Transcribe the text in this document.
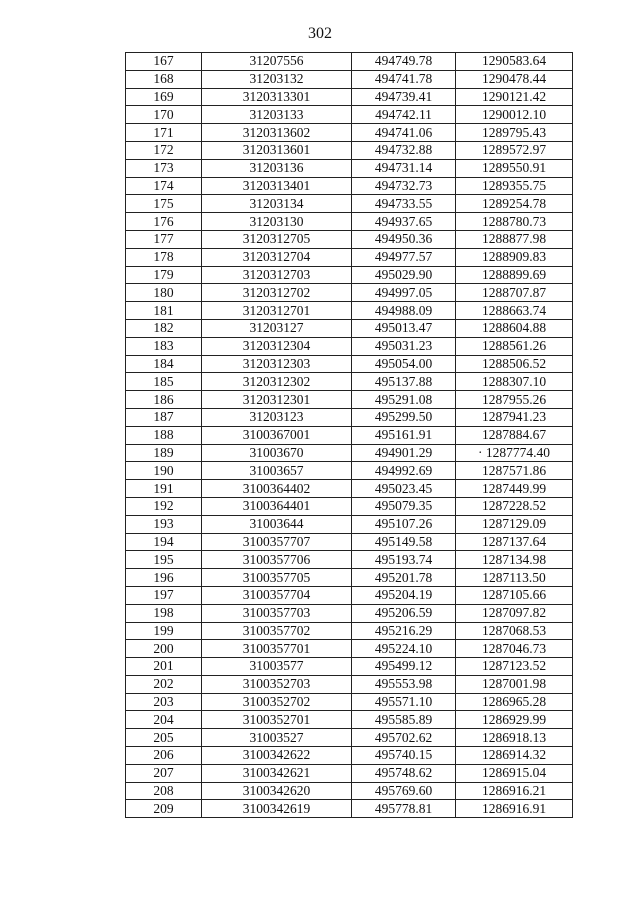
302
167	31207556	494749.78	1290583.64
168	31203132	494741.78	1290478.44
169	3120313301	494739.41	1290121.42
170	31203133	494742.11	1290012.10
171	3120313602	494741.06	1289795.43
172	3120313601	494732.88	1289572.97
173	31203136	494731.14	1289550.91
174	3120313401	494732.73	1289355.75
175	31203134	494733.55	1289254.78
176	31203130	494937.65	1288780.73
177	3120312705	494950.36	1288877.98
178	3120312704	494977.57	1288909.83
179	3120312703	495029.90	1288899.69
180	3120312702	494997.05	1288707.87
181	3120312701	494988.09	1288663.74
182	31203127	495013.47	1288604.88
183	3120312304	495031.23	1288561.26
184	3120312303	495054.00	1288506.52
185	3120312302	495137.88	1288307.10
186	3120312301	495291.08	1287955.26
187	31203123	495299.50	1287941.23
188	3100367001	495161.91	1287884.67
189	31003670	494901.29	· 1287774.40
190	31003657	494992.69	1287571.86
191	3100364402	495023.45	1287449.99
192	3100364401	495079.35	1287228.52
193	31003644	495107.26	1287129.09
194	3100357707	495149.58	1287137.64
195	3100357706	495193.74	1287134.98
196	3100357705	495201.78	1287113.50
197	3100357704	495204.19	1287105.66
198	3100357703	495206.59	1287097.82
199	3100357702	495216.29	1287068.53
200	3100357701	495224.10	1287046.73
201	31003577	495499.12	1287123.52
202	3100352703	495553.98	1287001.98
203	3100352702	495571.10	1286965.28
204	3100352701	495585.89	1286929.99
205	31003527	495702.62	1286918.13
206	3100342622	495740.15	1286914.32
207	3100342621	495748.62	1286915.04
208	3100342620	495769.60	1286916.21
209	3100342619	495778.81	1286916.91
